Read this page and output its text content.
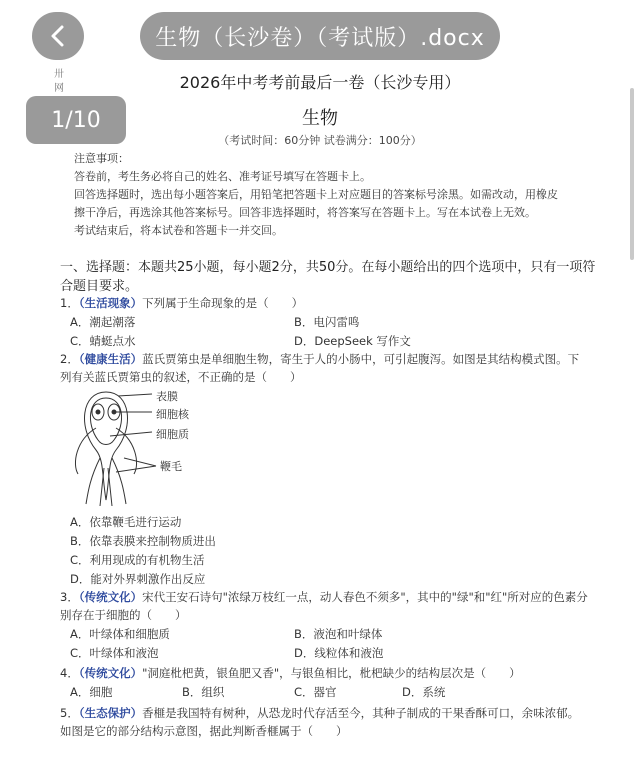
卅
网	2026年中考考前最后一卷（长沙专用）
生物
（考试时间：60分钟 试卷满分：100分）
注意事项：
答卷前，考生务必将自己的姓名、准考证号填写在答题卡上。
回答选择题时，选出每小题答案后，用铅笔把答题卡上对应题目的答案标号涂黑。如需改动，用橡皮
擦干净后，再选涂其他答案标号。回答非选择题时，将答案写在答题卡上。写在本试卷上无效。
考试结束后，将本试卷和答题卡一并交回。
一、选择题：本题共25小题，每小题2分，共50分。在每小题给出的四个选项中，只有一项符合题目要求。
1．（生活现象）下列属于生命现象的是（　　）
A．潮起潮落	B．电闪雷鸣
C．蜻蜓点水	D．DeepSeek 写作文
2．（健康生活）蓝氏贾第虫是单细胞生物，寄生于人的小肠中，可引起腹泻。如图是其结构模式图。下列有关蓝氏贾第虫的叙述，不正确的是（　　）
表膜
细胞核
细胞质
鞭毛
A．依靠鞭毛进行运动
B．依靠表膜来控制物质进出
C．利用现成的有机物生活
D．能对外界刺激作出反应
3．（传统文化）宋代王安石诗句"浓绿万枝红一点，动人春色不须多"，其中的"绿"和"红"所对应的色素分别存在于细胞的（　　）
A．叶绿体和细胞质	B．液泡和叶绿体
C．叶绿体和液泡	D．线粒体和液泡
4．（传统文化）"洞庭枇杷黄，银鱼肥又香"，与银鱼相比，枇杷缺少的结构层次是（　　）
A．细胞	B．组织	C．器官	D．系统
5．（生态保护）香榧是我国特有树种，从恐龙时代存活至今，其种子制成的干果香酥可口，余味浓郁。如图是它的部分结构示意图，据此判断香榧属于（　　）
生物（长沙卷）（考试版）.docx
1/10
